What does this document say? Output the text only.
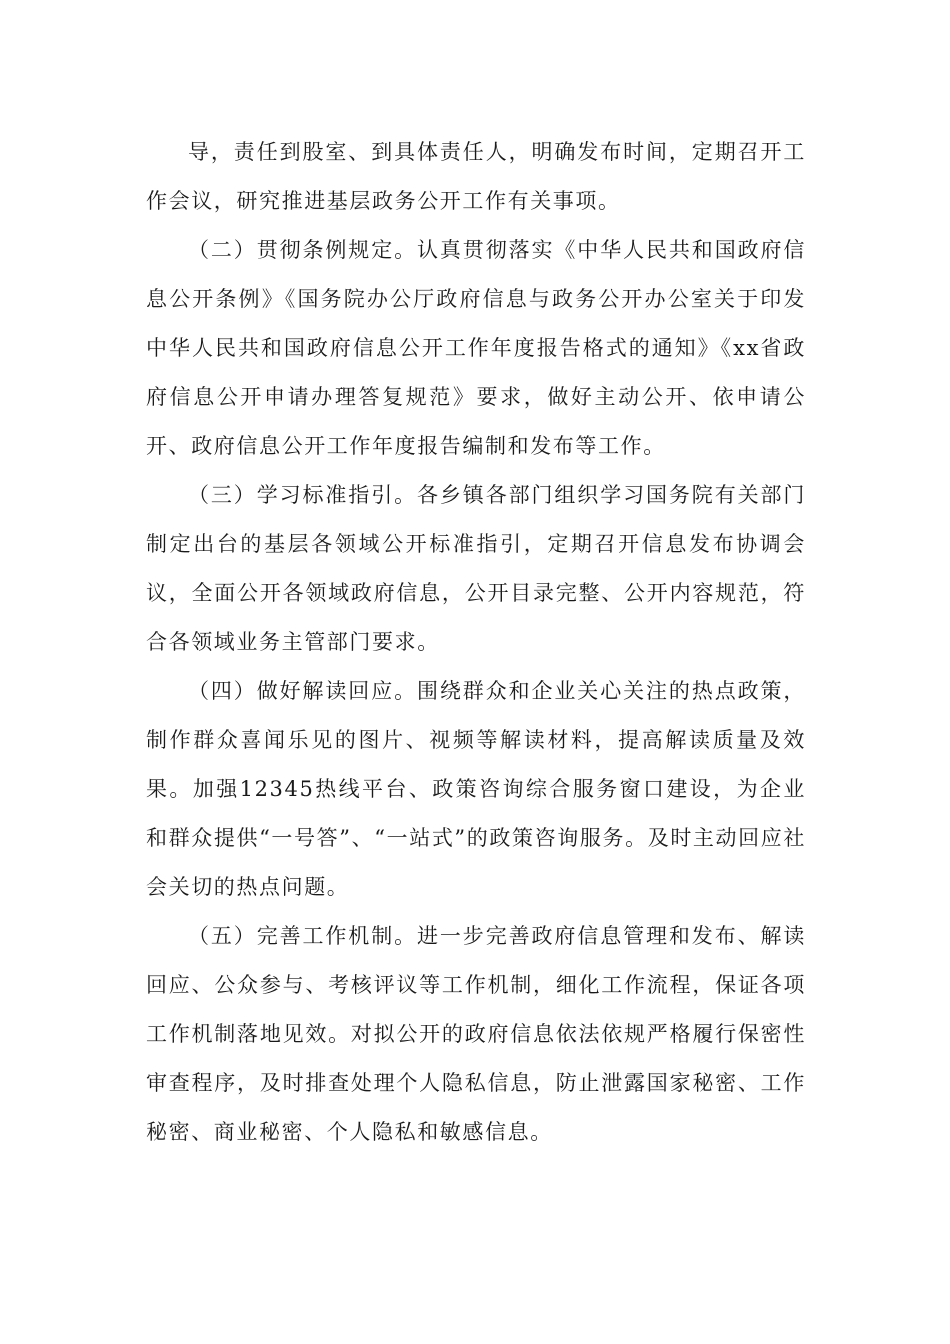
导，责任到股室、到具体责任人，明确发布时间，定期召开工作会议，研究推进基层政务公开工作有关事项。

（二）贯彻条例规定。认真贯彻落实《中华人民共和国政府信息公开条例》《国务院办公厅政府信息与政务公开办公室关于印发中华人民共和国政府信息公开工作年度报告格式的通知》《xx省政府信息公开申请办理答复规范》要求，做好主动公开、依申请公开、政府信息公开工作年度报告编制和发布等工作。

（三）学习标准指引。各乡镇各部门组织学习国务院有关部门制定出台的基层各领域公开标准指引，定期召开信息发布协调会议，全面公开各领域政府信息，公开目录完整、公开内容规范，符合各领域业务主管部门要求。

（四）做好解读回应。围绕群众和企业关心关注的热点政策，制作群众喜闻乐见的图片、视频等解读材料，提高解读质量及效果。加强12345热线平台、政策咨询综合服务窗口建设，为企业和群众提供“一号答”、“一站式”的政策咨询服务。及时主动回应社会关切的热点问题。

（五）完善工作机制。进一步完善政府信息管理和发布、解读回应、公众参与、考核评议等工作机制，细化工作流程，保证各项工作机制落地见效。对拟公开的政府信息依法依规严格履行保密性审查程序，及时排查处理个人隐私信息，防止泄露国家秘密、工作秘密、商业秘密、个人隐私和敏感信息。
